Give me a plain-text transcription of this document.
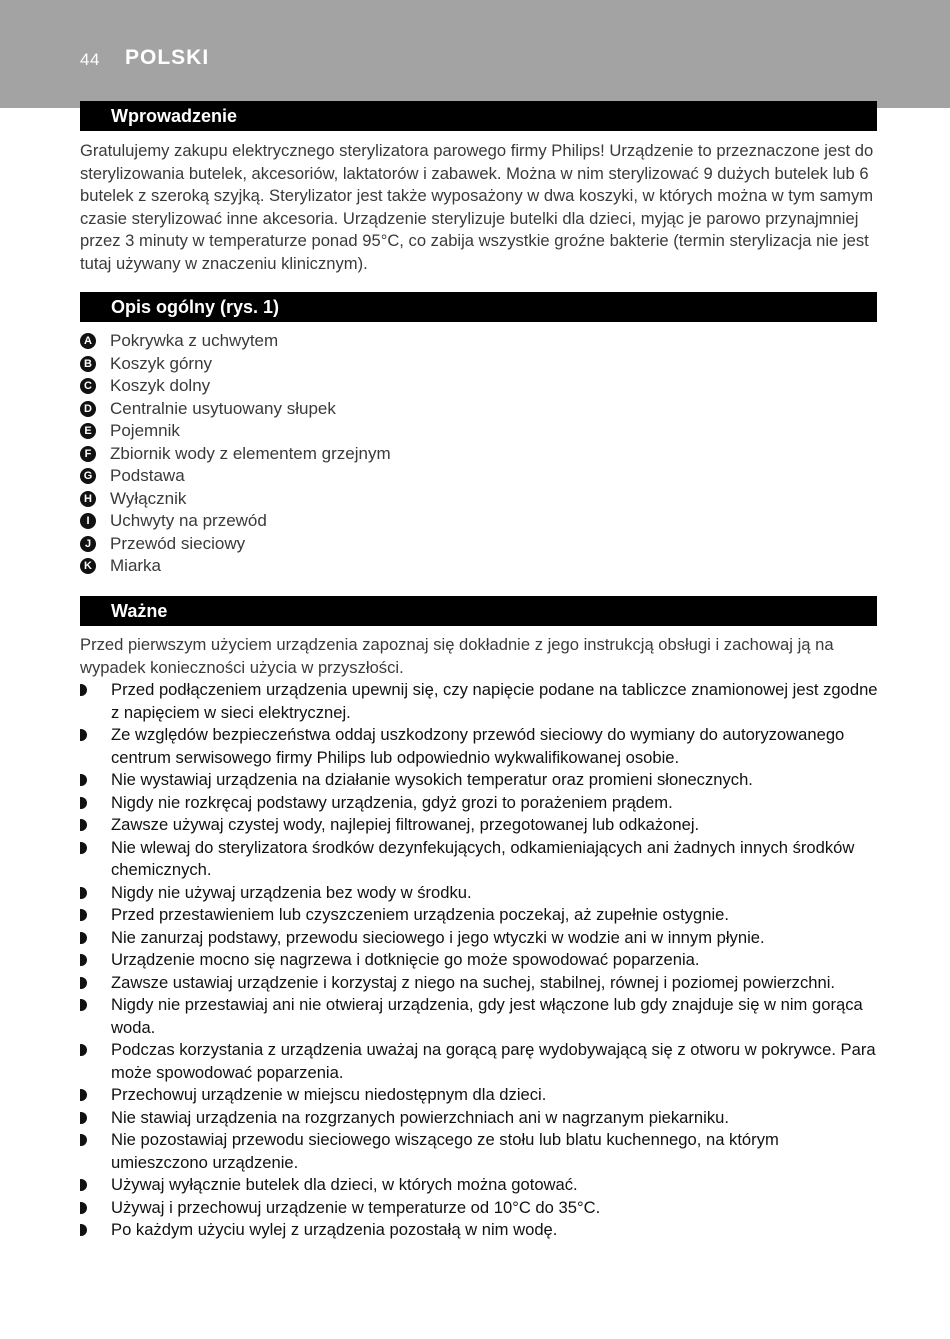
44 POLSKI
Wprowadzenie

Gratulujemy zakupu elektrycznego sterylizatora parowego firmy Philips! Urządzenie to przeznaczone jest do sterylizowania butelek, akcesoriów, laktatorów i zabawek. Można w nim sterylizować 9 dużych butelek lub 6 butelek z szeroką szyjką. Sterylizator jest także wyposażony w dwa koszyki, w których można w tym samym czasie sterylizować inne akcesoria. Urządzenie sterylizuje butelki dla dzieci, myjąc je parowo przynajmniej przez 3 minuty w temperaturze ponad 95°C, co zabija wszystkie groźne bakterie (termin sterylizacja nie jest tutaj używany w znaczeniu klinicznym).

Opis ogólny (rys. 1)
A Pokrywka z uchwytem
B Koszyk górny
C Koszyk dolny
D Centralnie usytuowany słupek
E Pojemnik
F Zbiornik wody z elementem grzejnym
G Podstawa
H Wyłącznik
I	Uchwyty na przewód
J Przewód sieciowy
K Miarka
Ważne

Przed pierwszym użyciem urządzenia zapoznaj się dokładnie z jego instrukcją obsługi i zachowaj ją na wypadek konieczności użycia w przyszłości.

Przed podłączeniem urządzenia upewnij się, czy napięcie podane na tabliczce znamionowej jest zgodne z napięciem w sieci elektrycznej.
Ze względów bezpieczeństwa oddaj uszkodzony przewód sieciowy do wymiany do autoryzowanego centrum serwisowego firmy Philips lub odpowiednio wykwalifikowanej osobie.
Nie wystawiaj urządzenia na działanie wysokich temperatur oraz promieni słonecznych.
Nigdy nie rozkręcaj podstawy urządzenia, gdyż grozi to porażeniem prądem.
Zawsze używaj czystej wody, najlepiej filtrowanej, przegotowanej lub odkażonej.
Nie wlewaj do sterylizatora środków dezynfekujących, odkamieniających ani żadnych innych środków chemicznych.
Nigdy nie używaj urządzenia bez wody w środku.
Przed przestawieniem lub czyszczeniem urządzenia poczekaj, aż zupełnie ostygnie.
Nie zanurzaj podstawy, przewodu sieciowego i jego wtyczki w wodzie ani w innym płynie.
Urządzenie mocno się nagrzewa i dotknięcie go może spowodować poparzenia.
Zawsze ustawiaj urządzenie i korzystaj z niego na suchej, stabilnej, równej i poziomej powierzchni.
Nigdy nie przestawiaj ani nie otwieraj urządzenia, gdy jest włączone lub gdy znajduje się w nim gorąca woda.
Podczas korzystania z urządzenia uważaj na gorącą parę wydobywającą się z otworu w pokrywce. Para może spowodować poparzenia.
Przechowuj urządzenie w miejscu niedostępnym dla dzieci.
Nie stawiaj urządzenia na rozgrzanych powierzchniach ani w nagrzanym piekarniku.
Nie pozostawiaj przewodu sieciowego wiszącego ze stołu lub blatu kuchennego, na którym umieszczono urządzenie.
Używaj wyłącznie butelek dla dzieci, w których można gotować.
Używaj i przechowuj urządzenie w temperaturze od 10°C do 35°C.
Po każdym użyciu wylej z urządzenia pozostałą w nim wodę.
